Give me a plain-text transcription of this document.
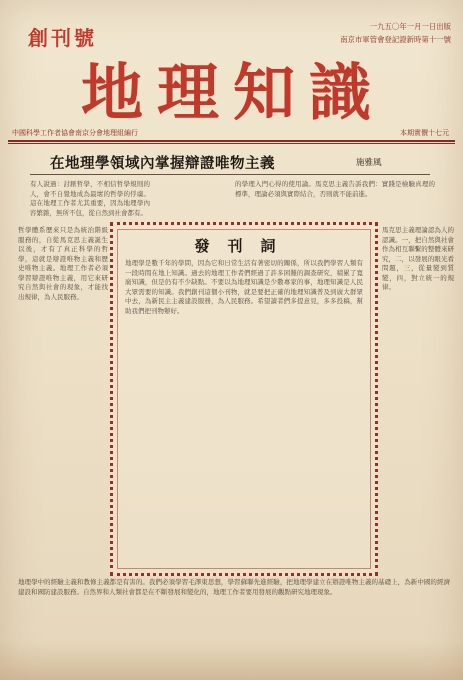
創刊號	一九五〇年一月一日出版
南京市軍管會登記證新時第十一號
地理知識
中國科學工作者協會南京分會地理組編行	本期實價十七元
在地理學領域內掌握辯證唯物主義	施雅風
有人說過：討厭哲學，不相信哲學規則的人，會不自覺地成為最壞的哲學的俘虜。這在地理工作者尤其重要，因為地理學內容繁雜，無所不包，從自然到社會都有。
的學理入門心得的使用論。馬克思主義告訴我們：實踐是檢驗真理的標準，理論必須與實際結合，否則就不能前進。
哲學體系歷來只是為統治階級服務的，自從馬克思主義誕生以後，才有了真正科學的哲學，這就是辯證唯物主義和歷史唯物主義。地理工作者必須學習辯證唯物主義，用它來研究自然與社會的現象，才能找出規律，為人民服務。
馬克思主義理論認為人的認識。一，把自然與社會作為相互聯繫的整體來研究，二，以發展的眼光看問題，三，從量變到質變，四，對立統一的規律。
發刊詞
地理學是數千年的學問，因為它和日常生活有著密切的關係，所以我們學習人類有一段時間在地上知識。過去的地理工作者們經過了許多困難的調查研究，積累了寬廣知識，但是仍有不少缺點。不要以為地理知識是少數專家的事，地理知識是人民大眾需要的知識。我們創刊這個小刊物，就是要把正確的地理知識普及到廣大群眾中去，為新民主主義建設服務，為人民服務。希望讀者們多提意見，多多投稿，幫助我們把刊物辦好。
地理學中的經驗主義和教條主義都是有害的。我們必須學習毛澤東思想，學習蘇聯先進經驗，把地理學建立在辯證唯物主義的基礎上，為新中國的經濟建設和國防建設服務。自然界和人類社會都是在不斷發展和變化的，地理工作者要用發展的觀點研究地理現象。
